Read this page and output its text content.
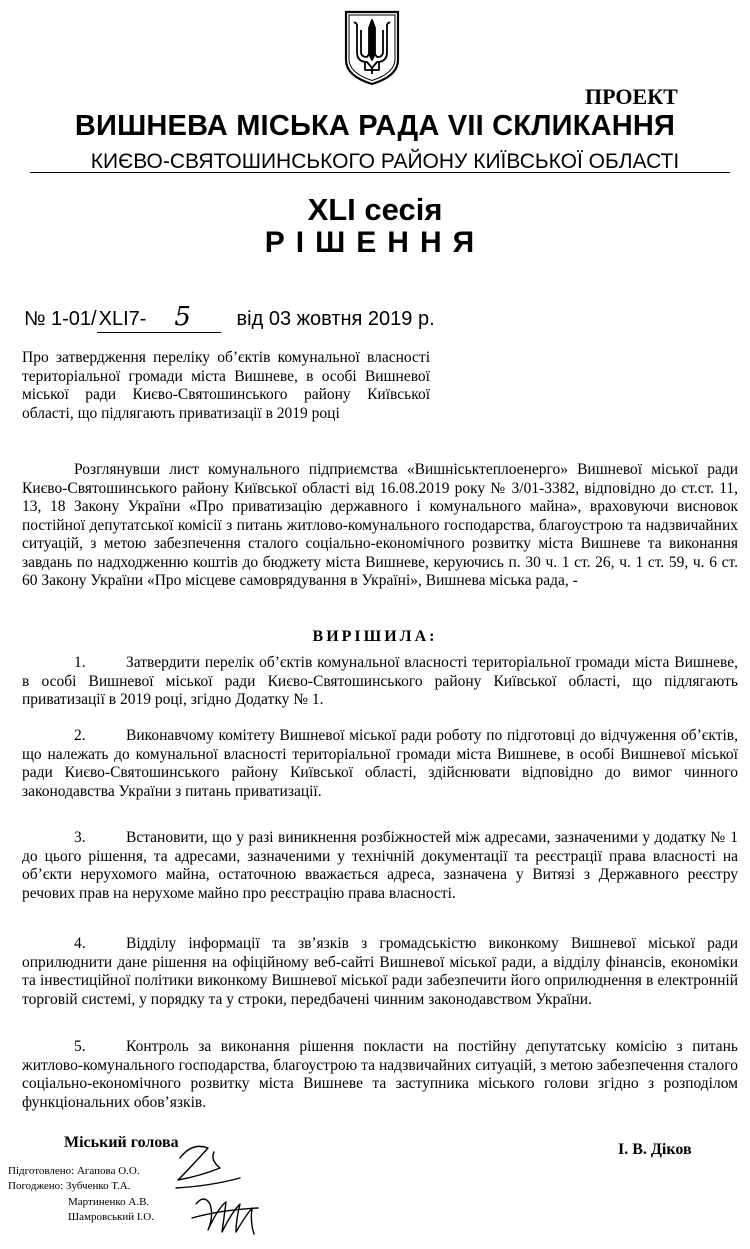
ПРОЕКТ
ВИШНЕВА МІСЬКА РАДА VII СКЛИКАННЯ
КИЄВО-СВЯТОШИНСЬКОГО РАЙОНУ КИЇВСЬКОЇ ОБЛАСТІ
XLI сесія
РІШЕННЯ
№ 1-01/ XLI7- 5 від 03 жовтня 2019 р.
Про затвердження переліку об’єктів комунальної власності територіальної громади міста Вишневе, в особі Вишневої міської ради Києво-Святошинського району Київської області, що підлягають приватизації в 2019 році
Розглянувши лист комунального підприємства «Вишніськтеплоенерго» Вишневої міської ради Києво-Святошинського району Київської області від 16.08.2019 року № 3/01-3382, відповідно до ст.ст. 11, 13, 18 Закону України «Про приватизацію державного і комунального майна», враховуючи висновок постійної депутатської комісії з питань житлово-комунального господарства, благоустрою та надзвичайних ситуацій, з метою забезпечення сталого соціально-економічного розвитку міста Вишневе та виконання завдань по надходженню коштів до бюджету міста Вишневе, керуючись п. 30 ч. 1 ст. 26, ч. 1 ст. 59, ч. 6 ст. 60 Закону України «Про місцеве самоврядування в Україні», Вишнева міська рада, -
ВИРІШИЛА:
1.	Затвердити перелік об’єктів комунальної власності територіальної громади міста Вишневе, в особі Вишневої міської ради Києво-Святошинського району Київської області, що підлягають приватизації в 2019 році, згідно Додатку № 1.
2.	Виконавчому комітету Вишневої міської ради роботу по підготовці до відчуження об’єктів, що належать до комунальної власності територіальної громади міста Вишневе, в особі Вишневої міської ради Києво-Святошинського району Київської області, здійснювати відповідно до вимог чинного законодавства України з питань приватизації.
3.	Встановити, що у разі виникнення розбіжностей між адресами, зазначеними у додатку № 1 до цього рішення, та адресами, зазначеними у технічній документації та реєстрації права власності на об’єкти нерухомого майна, остаточною вважається адреса, зазначена у Витязі з Державного реєстру речових прав на нерухоме майно про реєстрацію права власності.
4.	Відділу інформації та зв’язків з громадськістю виконкому Вишневої міської ради оприлюднити дане рішення на офіційному веб-сайті Вишневої міської ради, а відділу фінансів, економіки та інвестиційної політики виконкому Вишневої міської ради забезпечити його оприлюднення в електронній торговій системі, у порядку та у строки, передбачені чинним законодавством України.
5.	Контроль за виконання рішення покласти на постійну депутатську комісію з питань житлово-комунального господарства, благоустрою та надзвичайних ситуацій, з метою забезпечення сталого соціально-економічного розвитку міста Вишневе та заступника міського голови згідно з розподілом функціональних обов’язків.
Міський голова	І. В. Діков
Підготовлено: Агапова О.О.
Погоджено: Зубченко Т.А.
Мартиненко А.В.
Шамровський І.О.
